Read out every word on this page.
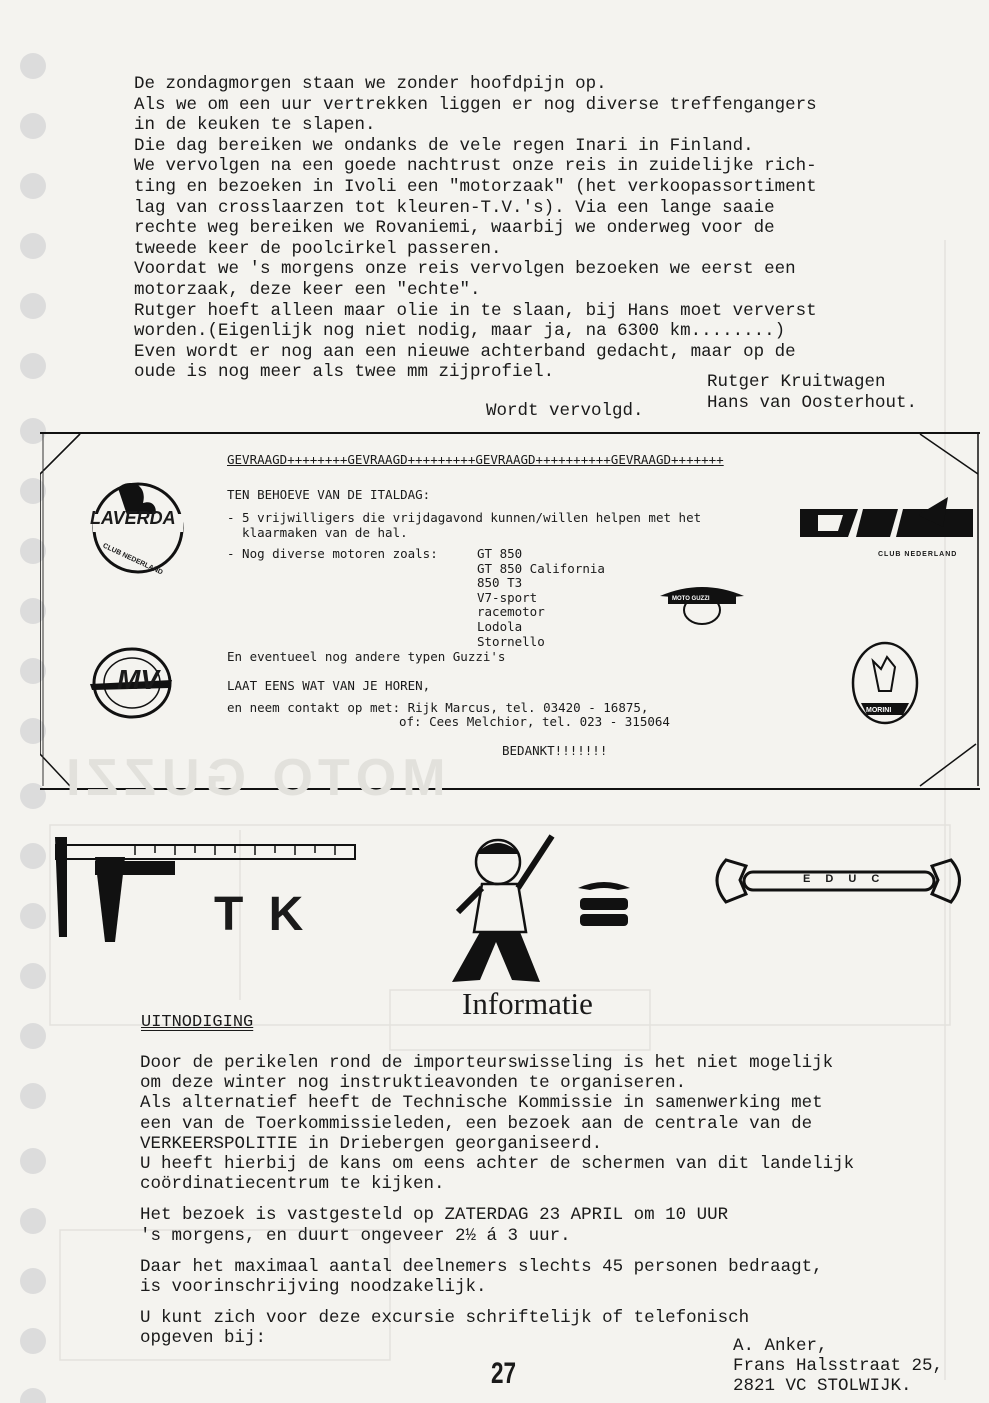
De zondagmorgen staan we zonder hoofdpijn op.
Als we om een uur vertrekken liggen er nog diverse treffengangers
in de keuken te slapen.
Die dag bereiken we ondanks de vele regen Inari in Finland.
We vervolgen na een goede nachtrust onze reis in zuidelijke rich-
ting en bezoeken in Ivoli een "motorzaak" (het verkoopassortiment
lag van crosslaarzen tot kleuren-T.V.'s). Via een lange saaie
rechte weg bereiken we Rovaniemi, waarbij we onderweg voor de
tweede keer de poolcirkel passeren.
Voordat we 's morgens onze reis vervolgen bezoeken we eerst een
motorzaak, deze keer een "echte".
Rutger hoeft alleen maar olie in te slaan, bij Hans moet ververst
worden.(Eigenlijk nog niet nodig, maar ja, na 6300 km........)
Even wordt er nog aan een nieuwe achterband gedacht, maar op de
oude is nog meer als twee mm zijprofiel.
Wordt vervolgd.
Rutger Kruitwagen
Hans van Oosterhout.
GEVRAAGD++++++++GEVRAAGD+++++++++GEVRAAGD++++++++++GEVRAAGD+++++++
TEN BEHOEVE VAN DE ITALDAG:
- 5 vrijwilligers die vrijdagavond kunnen/willen helpen met het
klaarmaken van de hal.
- Nog diverse motoren zoals:	GT 850
GT 850 California
850 T3
V7-sport
racemotor
Lodola
Stornello
En eventueel nog andere typen Guzzi's
LAAT EENS WAT VAN JE HOREN,
en neem contakt op met: Rijk Marcus, tel. 03420 - 16875,
of: Cees Melchior, tel. 023 - 315064
BEDANKT!!!!!!!
LAVERDA
CLUB NEDERLAND	CLUB NEDERLAND
MOTO GUZZI
MV
MORINI
MOTO GUZZI
T K
E D U C
Informatie
UITNODIGING
Door de perikelen rond de importeurswisseling is het niet mogelijk
om deze winter nog instruktieavonden te organiseren.
Als alternatief heeft de Technische Kommissie in samenwerking met
een van de Toerkommissieleden, een bezoek aan de centrale van de
VERKEERSPOLITIE in Driebergen georganiseerd.
U heeft hierbij de kans om eens achter de schermen van dit landelijk
coördinatiecentrum te kijken.
Het bezoek is vastgesteld op ZATERDAG 23 APRIL om 10 UUR
's morgens, en duurt ongeveer 2½ á 3 uur.
Daar het maximaal aantal deelnemers slechts 45 personen bedraagt,
is voorinschrijving noodzakelijk.
U kunt zich voor deze excursie schriftelijk of telefonisch
opgeven bij:	A. Anker,
Frans Halsstraat 25,
2821 VC STOLWIJK.
27
